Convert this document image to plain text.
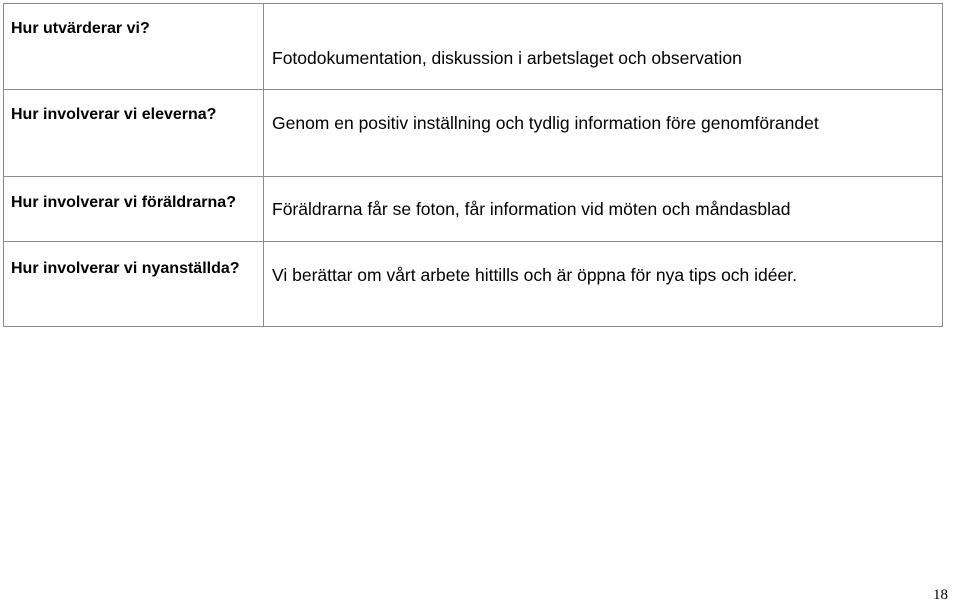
Hur utvärderar vi?	Fotodokumentation, diskussion i arbetslaget och observation
Hur involverar vi eleverna?	Genom en positiv inställning och tydlig information före genomförandet
Hur involverar vi föräldrarna?	Föräldrarna får se foton, får information vid möten och måndasblad
Hur involverar vi nyanställda?	Vi berättar om vårt arbete hittills och är öppna för nya tips och idéer.
18
